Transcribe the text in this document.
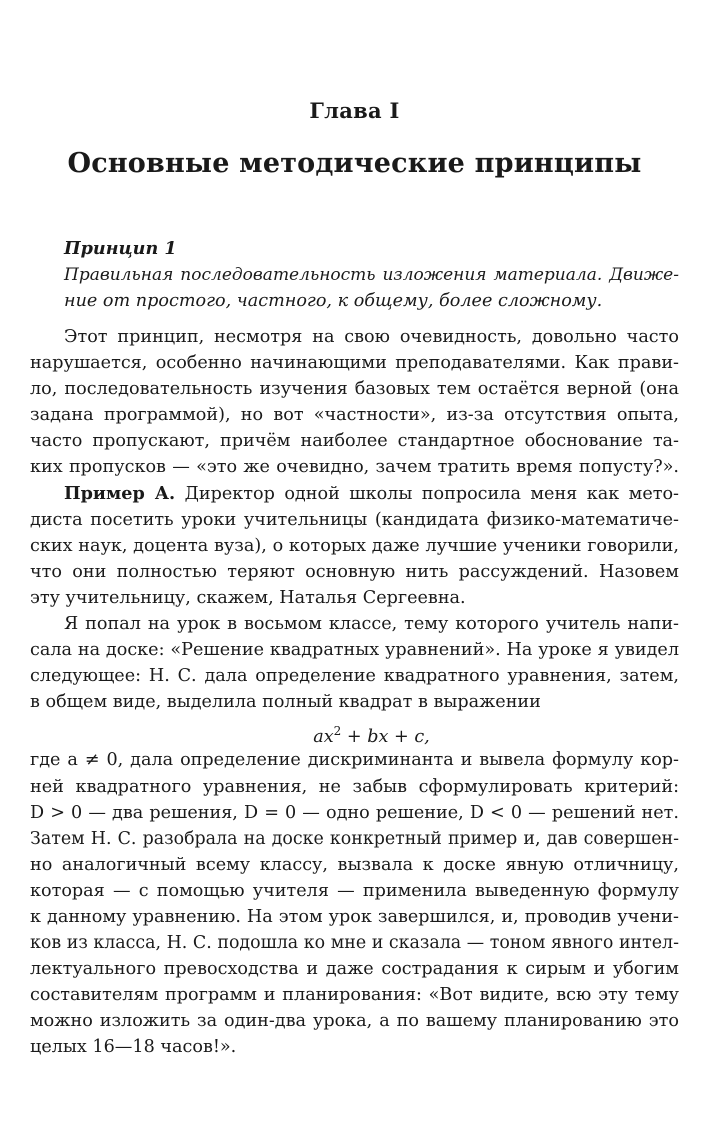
Глава I
Основные методические принципы
Принцип 1
Правильная последовательность изложения материала. Движе-
ние от простого, частного, к общему, более сложному.
Этот принцип, несмотря на свою очевидность, довольно часто
нарушается, особенно начинающими преподавателями. Как прави-
ло, последовательность изучения базовых тем остаётся верной (она
задана программой), но вот «частности», из-за отсутствия опыта,
часто пропускают, причём наиболее стандартное обоснование та-
ких пропусков — «это же очевидно, зачем тратить время попусту?».
Пример А. Директор одной школы попросила меня как мето-
диста посетить уроки учительницы (кандидата физико-математиче-
ских наук, доцента вуза), о которых даже лучшие ученики говорили,
что они полностью теряют основную нить рассуждений. Назовем
эту учительницу, скажем, Наталья Сергеевна.
Я попал на урок в восьмом классе, тему которого учитель напи-
сала на доске: «Решение квадратных уравнений». На уроке я увидел
следующее: Н. С. дала определение квадратного уравнения, затем,
в общем виде, выделила полный квадрат в выражении
$ax^2$ + bx + c,
где a ≠ 0, дала определение дискриминанта и вывела формулу кор-
ней квадратного уравнения, не забыв сформулировать критерий:
D > 0 — два решения, D = 0 — одно решение, D < 0 — решений нет.
Затем Н. С. разобрала на доске конкретный пример и, дав совершен-
но аналогичный всему классу, вызвала к доске явную отличницу,
которая — с помощью учителя — применила выведенную формулу
к данному уравнению. На этом урок завершился, и, проводив учени-
ков из класса, Н. С. подошла ко мне и сказала — тоном явного интел-
лектуального превосходства и даже сострадания к сирым и убогим
составителям программ и планирования: «Вот видите, всю эту тему
можно изложить за один-два урока, а по вашему планированию это
целых 16—18 часов!».
